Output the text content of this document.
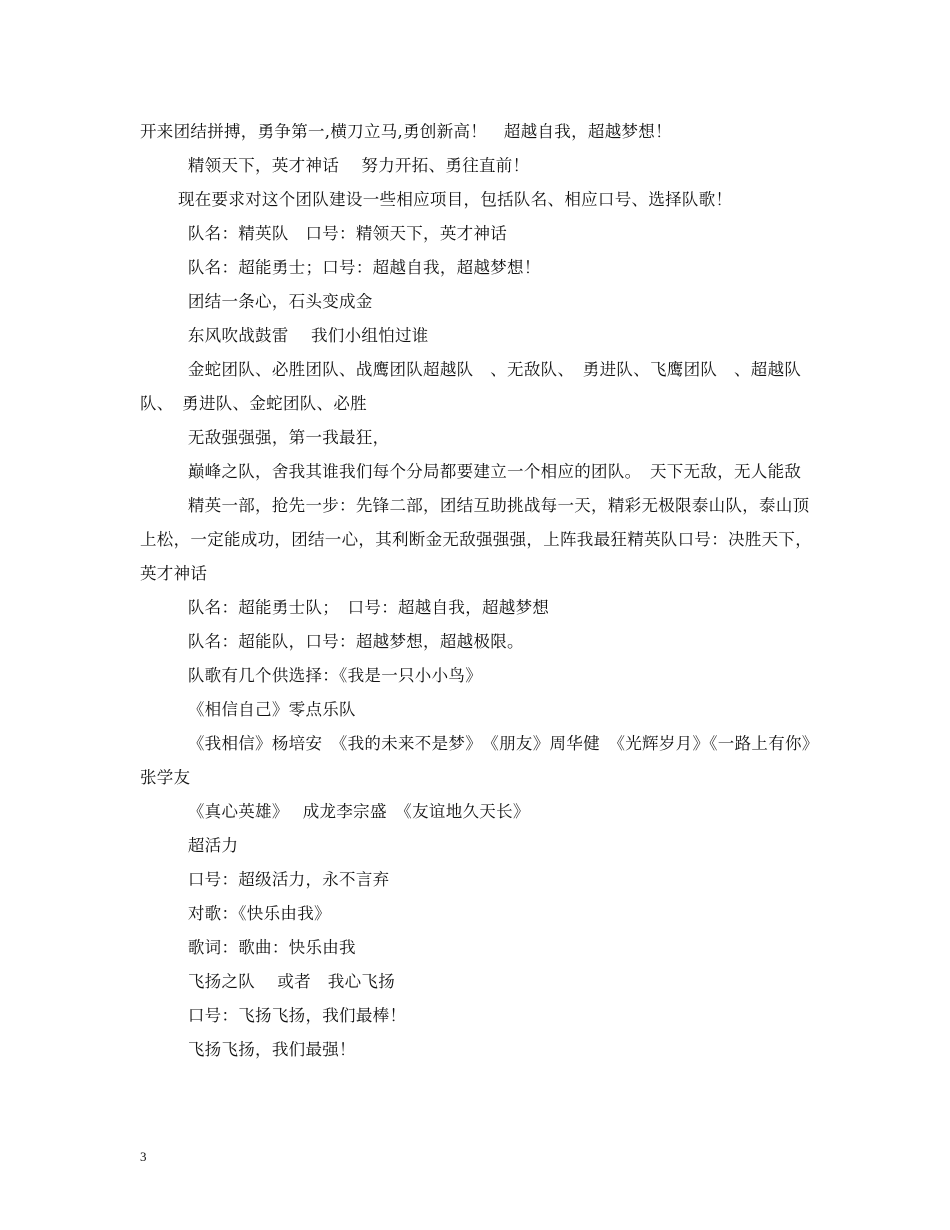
开来团结拼搏，勇争第一,横刀立马,勇创新高！　超越自我，超越梦想！

精领天下，英才神话　 努力开拓、勇往直前！

现在要求对这个团队建设一些相应项目，包括队名、相应口号、选择队歌！

队名：精英队　口号：精领天下，英才神话

队名：超能勇士；口号：超越自我，超越梦想！

团结一条心，石头变成金

东风吹战鼓雷　 我们小组怕过谁

金蛇团队、必胜团队、战鹰团队超越队　、无敌队、　勇进队、飞鹰团队　、超越队队、　勇进队、金蛇团队、必胜

无敌强强强，第一我最狂，

巅峰之队，舍我其谁我们每个分局都要建立一个相应的团队。　天下无敌，无人能敌

精英一部，抢先一步：先锋二部，团结互助挑战每一天，精彩无极限泰山队，泰山顶上松，一定能成功，团结一心，其利断金无敌强强强，上阵我最狂精英队口号：决胜天下，英才神话

队名：超能勇士队；　口号：超越自我，超越梦想

队名：超能队，口号：超越梦想，超越极限。

队歌有几个供选择：《我是一只小小鸟》

《相信自己》零点乐队

《我相信》杨培安　《我的未来不是梦》　《朋友》周华健　《光辉岁月》《一路上有你》张学友

《真心英雄》　 成龙李宗盛　《友谊地久天长》

超活力

口号：超级活力，永不言弃

对歌：《快乐由我》

歌词：歌曲：快乐由我

飞扬之队　 或者　我心飞扬

口号：飞扬飞扬，我们最棒！

飞扬飞扬，我们最强！

3
